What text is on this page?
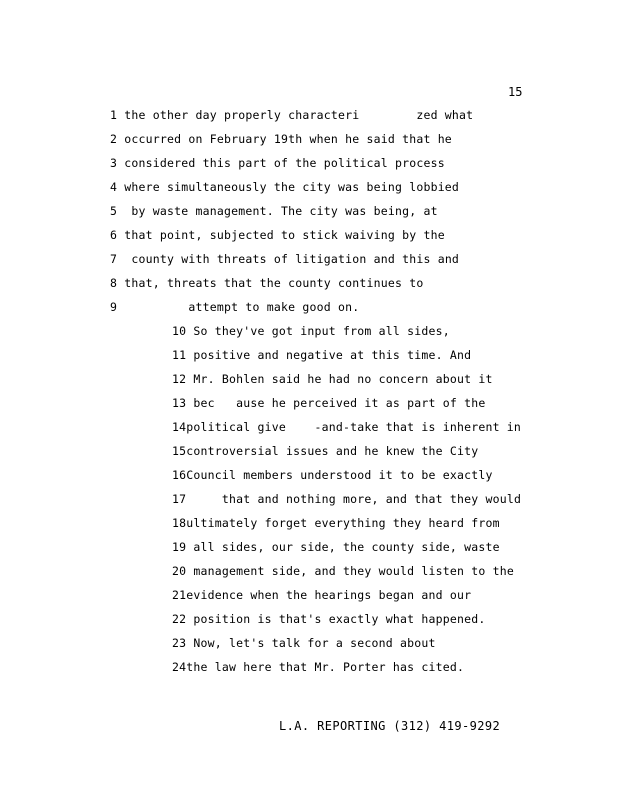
15
1 the other day properly characteri        zed what
2 occurred on February 19th when he said that he
3 considered this part of the political process
4 where simultaneously the city was being lobbied
5 by waste management. The city was being, at
6 that point, subjected to stick waiving by the
7 county with threats of litigation and this and
8 that, threats that the county continues to
9	attempt to make good on.
10 So they've got input from all sides,
11 positive and negative at this time. And
12 Mr. Bohlen said he had no concern about it
13 bec   ause he perceived it as part of the
14political give    -and-take that is inherent in
15controversial issues and he knew the City
16Council members understood it to be exactly
17	that and nothing more, and that they would
18ultimately forget everything they heard from
19 all sides, our side, the county side, waste
20 management side, and they would listen to the
21evidence when the hearings began and our
22 position is that's exactly what happened.
23 Now, let's talk for a second about
24the law here that Mr. Porter has cited.
L.A. REPORTING (312) 419-9292
